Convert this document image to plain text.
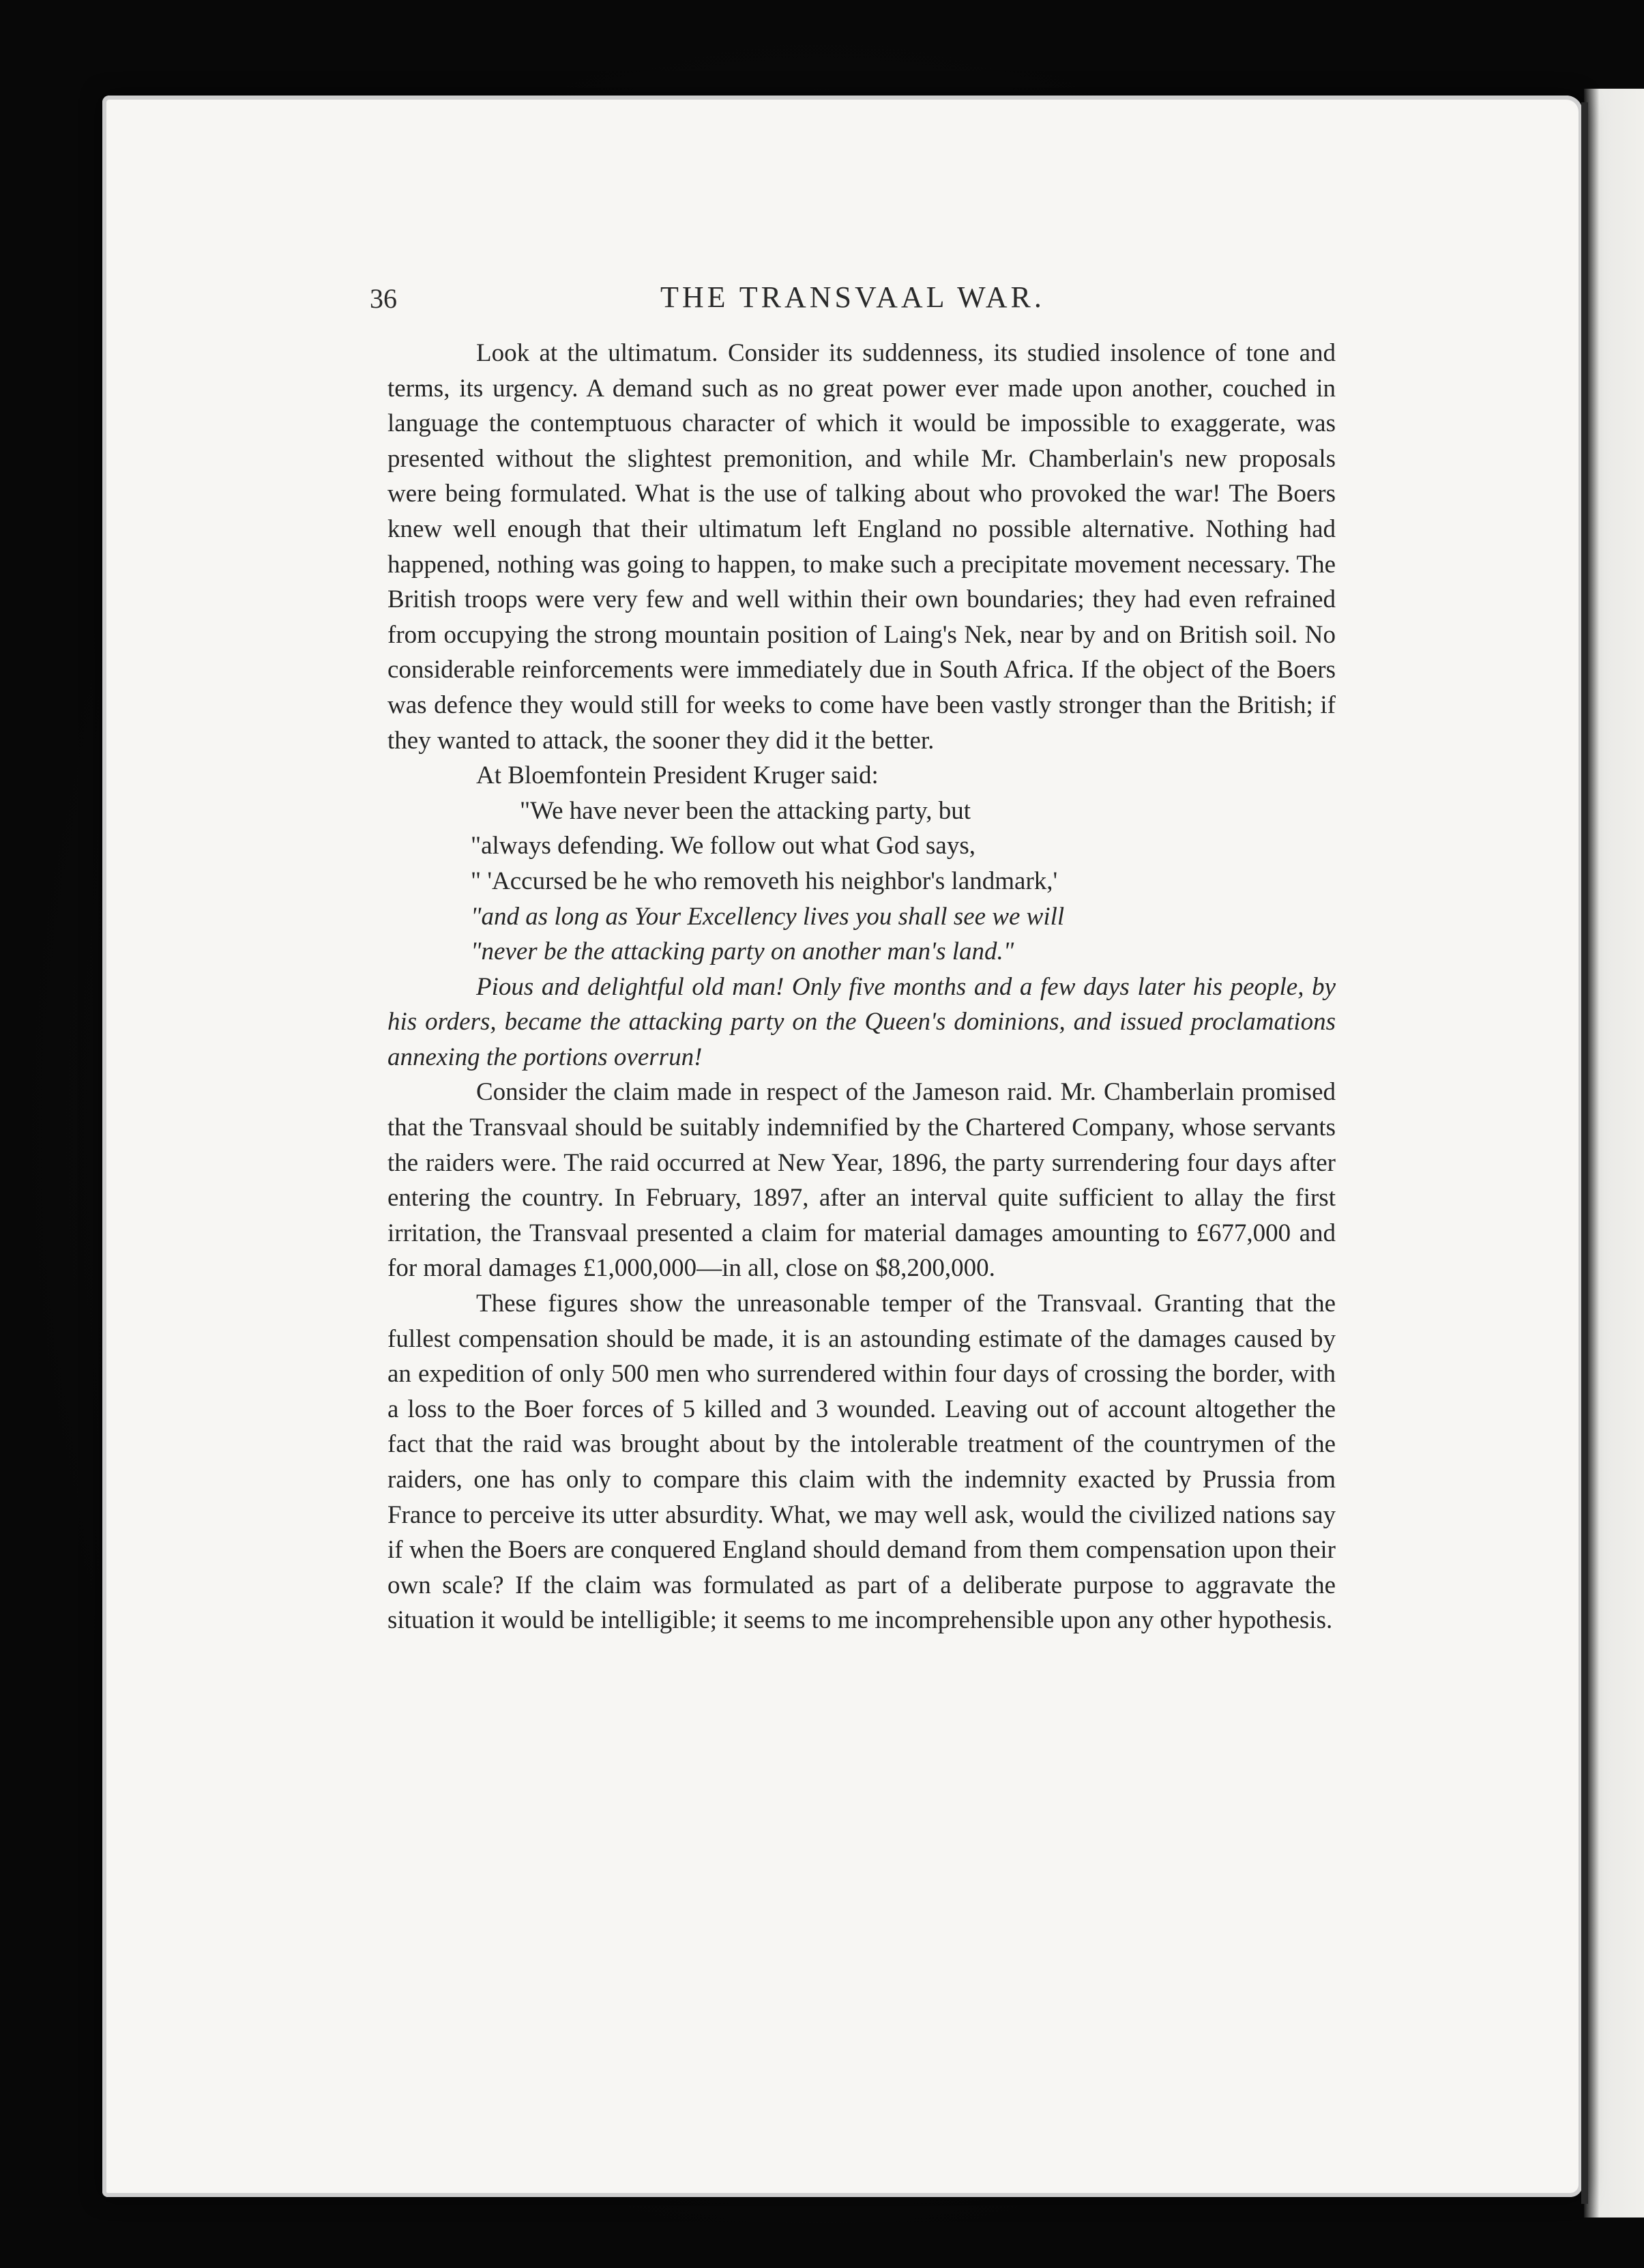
36	THE TRANSVAAL WAR.

Look at the ultimatum. Consider its suddenness, its studied insolence of tone and terms, its urgency. A demand such as no great power ever made upon another, couched in language the contemptuous character of which it would be impossible to exaggerate, was presented without the slightest premonition, and while Mr. Chamberlain's new proposals were being formulated. What is the use of talking about who provoked the war! The Boers knew well enough that their ultimatum left England no possible alternative. Nothing had happened, nothing was going to happen, to make such a precipitate movement necessary. The British troops were very few and well within their own boundaries; they had even refrained from occupying the strong mountain position of Laing's Nek, near by and on British soil. No considerable reinforcements were immediately due in South Africa. If the object of the Boers was defence they would still for weeks to come have been vastly stronger than the British; if they wanted to attack, the sooner they did it the better.

At Bloemfontein President Kruger said:

"We have never been the attacking party, but
"always defending. We follow out what God says,
" 'Accursed be he who removeth his neighbor's landmark,'
"and as long as Your Excellency lives you shall see we will
"never be the attacking party on another man's land."

Pious and delightful old man! Only five months and a few days later his people, by his orders, became the attacking party on the Queen's dominions, and issued proclamations annexing the portions overrun!

Consider the claim made in respect of the Jameson raid. Mr. Chamberlain promised that the Transvaal should be suitably indemnified by the Chartered Company, whose servants the raiders were. The raid occurred at New Year, 1896, the party surrendering four days after entering the country. In February, 1897, after an interval quite sufficient to allay the first irritation, the Transvaal presented a claim for material damages amounting to £677,000 and for moral damages £1,000,000—in all, close on $8,200,000.

These figures show the unreasonable temper of the Transvaal. Granting that the fullest compensation should be made, it is an astounding estimate of the damages caused by an expedition of only 500 men who surrendered within four days of crossing the border, with a loss to the Boer forces of 5 killed and 3 wounded. Leaving out of account altogether the fact that the raid was brought about by the intolerable treatment of the countrymen of the raiders, one has only to compare this claim with the indemnity exacted by Prussia from France to perceive its utter absurdity. What, we may well ask, would the civilized nations say if when the Boers are conquered England should demand from them compensation upon their own scale? If the claim was formulated as part of a deliberate purpose to aggravate the situation it would be intelligible; it seems to me incomprehensible upon any other hypothesis.
